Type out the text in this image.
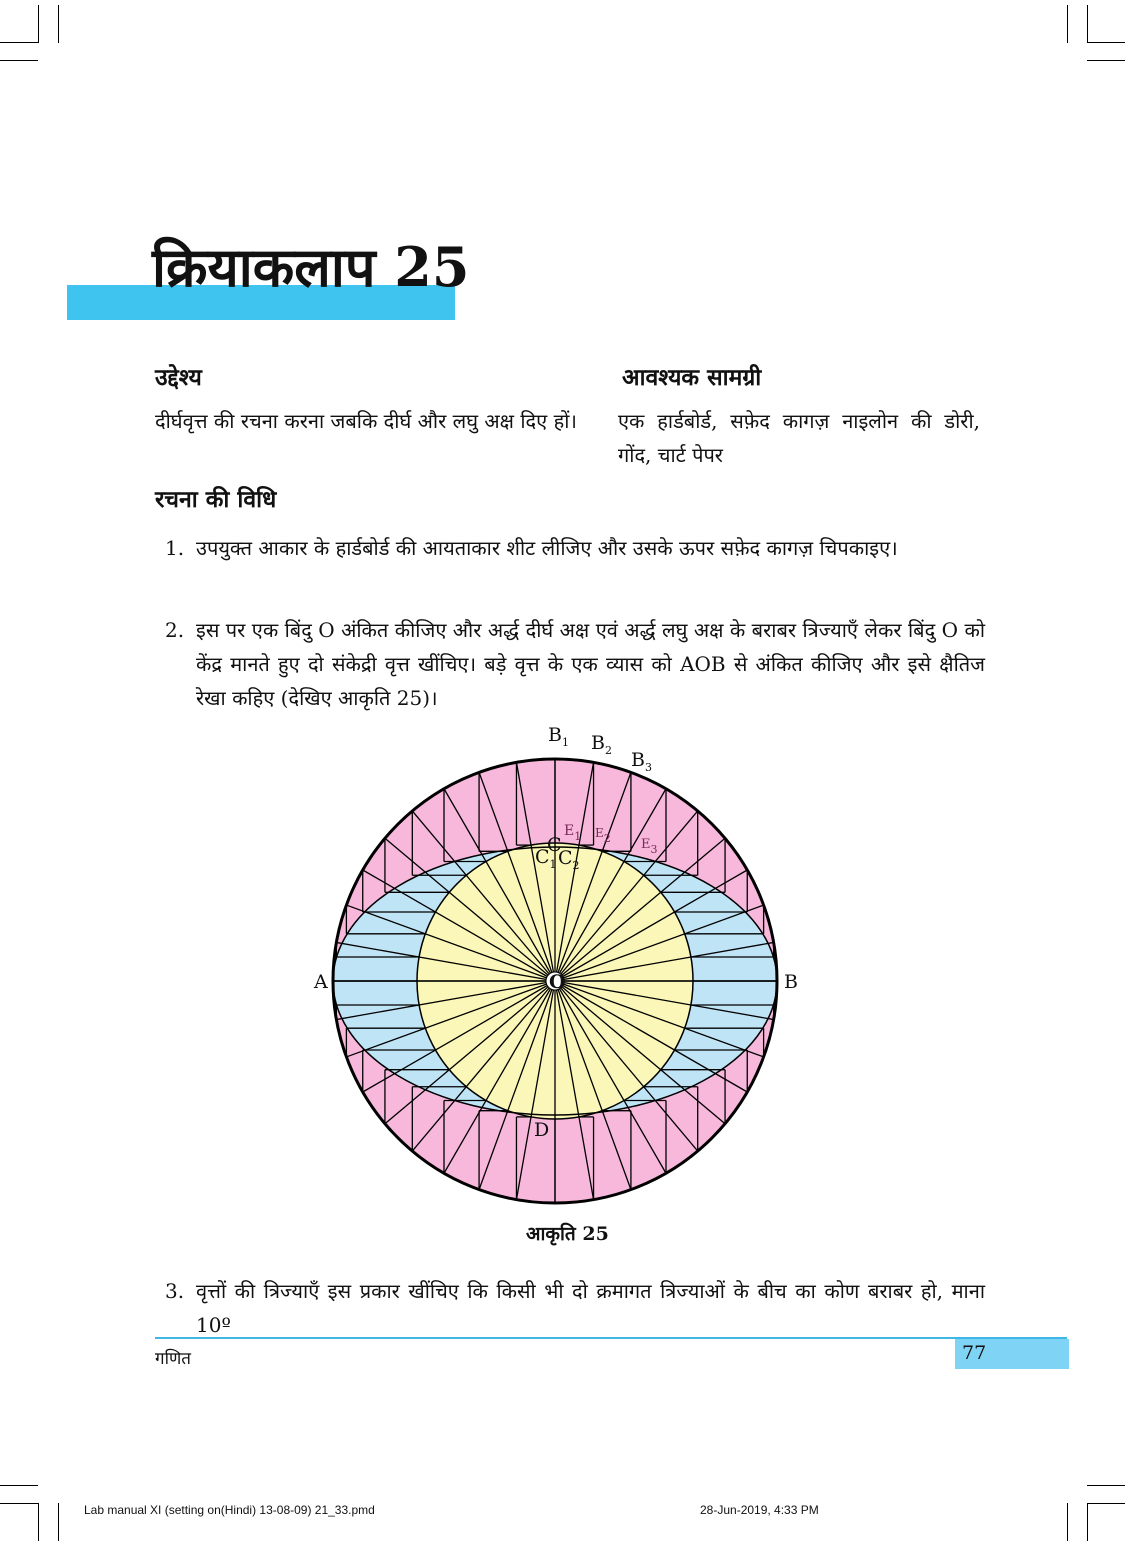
क्रियाकलाप 25
उद्देश्य
दीर्घवृत्त की रचना करना जबकि दीर्घ और लघु अक्ष दिए हों।
आवश्यक सामग्री
एक हार्डबोर्ड, सफ़ेद कागज़ नाइलोन की डोरी, गोंद, चार्ट पेपर
रचना की विधि
1. उपयुक्त आकार के हार्डबोर्ड की आयताकार शीट लीजिए और उसके ऊपर सफ़ेद कागज़ चिपकाइए।
2. इस पर एक बिंदु O अंकित कीजिए और अर्द्ध दीर्घ अक्ष एवं अर्द्ध लघु अक्ष के बराबर त्रिज्याएँ लेकर बिंदु O को केंद्र मानते हुए दो संकेद्री वृत्त खींचिए। बड़े वृत्त के एक व्यास को AOB से अंकित कीजिए और इसे क्षैतिज रेखा कहिए (देखिए आकृति 25)।
O
A	B
C
D
$B_1$ $B_2$ $B_3$
$C_1$ $C_2$
$E_1$ E2 $E_3$
आकृति 25
3. वृत्तों की त्रिज्याएँ इस प्रकार खींचिए कि किसी भी दो क्रमागत त्रिज्याओं के बीच का कोण बराबर हो, माना 10º
गणित	77
Lab manual XI (setting on(Hindi) 13-08-09) 21_33.pmd	28-Jun-2019, 4:33 PM
